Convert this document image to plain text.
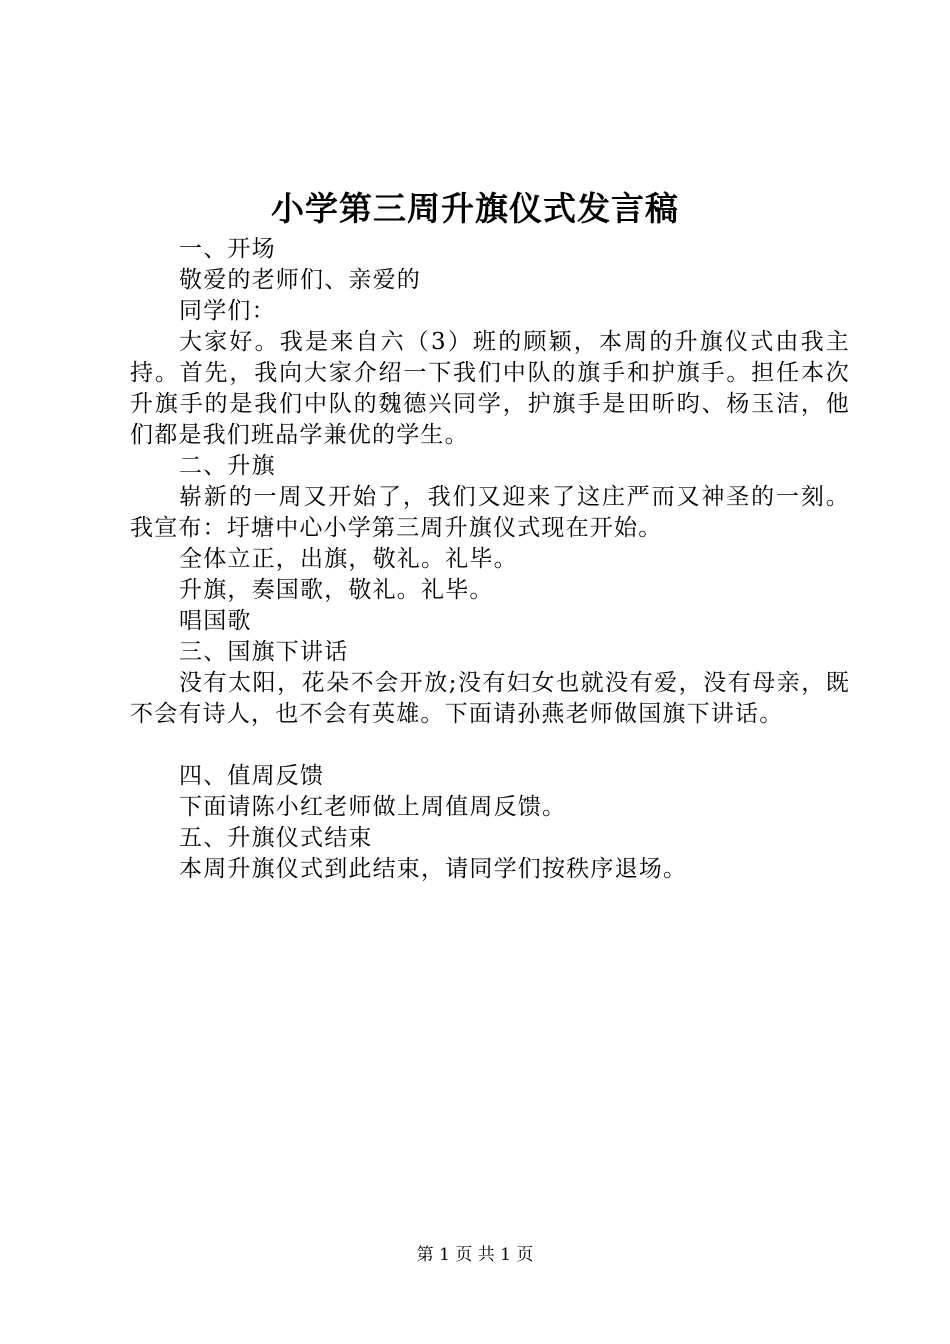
小学第三周升旗仪式发言稿

一、开场

敬爱的老师们、亲爱的

同学们：

大家好。我是来自六（3）班的顾颖，本周的升旗仪式由我主持。首先，我向大家介绍一下我们中队的旗手和护旗手。担任本次升旗手的是我们中队的魏德兴同学，护旗手是田昕昀、杨玉洁，他们都是我们班品学兼优的学生。

二、升旗

崭新的一周又开始了，我们又迎来了这庄严而又神圣的一刻。我宣布：圩塘中心小学第三周升旗仪式现在开始。

全体立正，出旗，敬礼。礼毕。

升旗，奏国歌，敬礼。礼毕。

唱国歌

三、国旗下讲话

没有太阳，花朵不会开放;没有妇女也就没有爱，没有母亲，既不会有诗人，也不会有英雄。下面请孙燕老师做国旗下讲话。

四、值周反馈

下面请陈小红老师做上周值周反馈。

五、升旗仪式结束

本周升旗仪式到此结束，请同学们按秩序退场。

第 1 页 共 1 页
